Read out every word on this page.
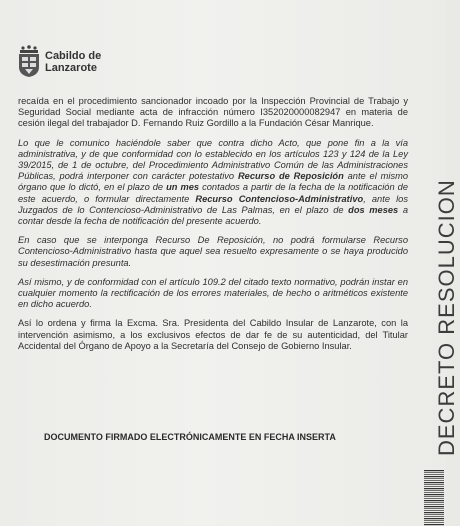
Cabildo de
Lanzarote

recaída en el procedimiento sancionador incoado por la Inspección Provincial de Trabajo y Seguridad Social mediante acta de infracción número I352020000082947 en materia de cesión ilegal del trabajador D. Fernando Ruiz Gordillo a la Fundación César Manrique.

Lo que le comunico haciéndole saber que contra dicho Acto, que pone fin a la vía administrativa, y de que conformidad con lo establecido en los artículos 123 y 124 de la Ley 39/2015, de 1 de octubre, del Procedimiento Administrativo Común de las Administraciones Públicas, podrá interponer con carácter potestativo Recurso de Reposición ante el mismo órgano que lo dictó, en el plazo de un mes contados a partir de la fecha de la notificación de este acuerdo, o formular directamente Recurso Contencioso-Administrativo, ante los Juzgados de lo Contencioso-Administrativo de Las Palmas, en el plazo de dos meses a contar desde la fecha de notificación del presente acuerdo.

En caso que se interponga Recurso De Reposición, no podrá formularse Recurso Contencioso-Administrativo hasta que aquel sea resuelto expresamente o se haya producido su desestimación presunta.

Así mismo, y de conformidad con el artículo 109.2 del citado texto normativo, podrán instar en cualquier momento la rectificación de los errores materiales, de hecho o aritméticos existente en dicho acuerdo.

Así lo ordena y firma la Excma. Sra. Presidenta del Cabildo Insular de Lanzarote, con la intervención asimismo, a los exclusivos efectos de dar fe de su autenticidad, del Titular Accidental del Órgano de Apoyo a la Secretaría del Consejo de Gobierno Insular.

DOCUMENTO FIRMADO ELECTRÓNICAMENTE EN FECHA INSERTA	DECRETO RESOLUCION
